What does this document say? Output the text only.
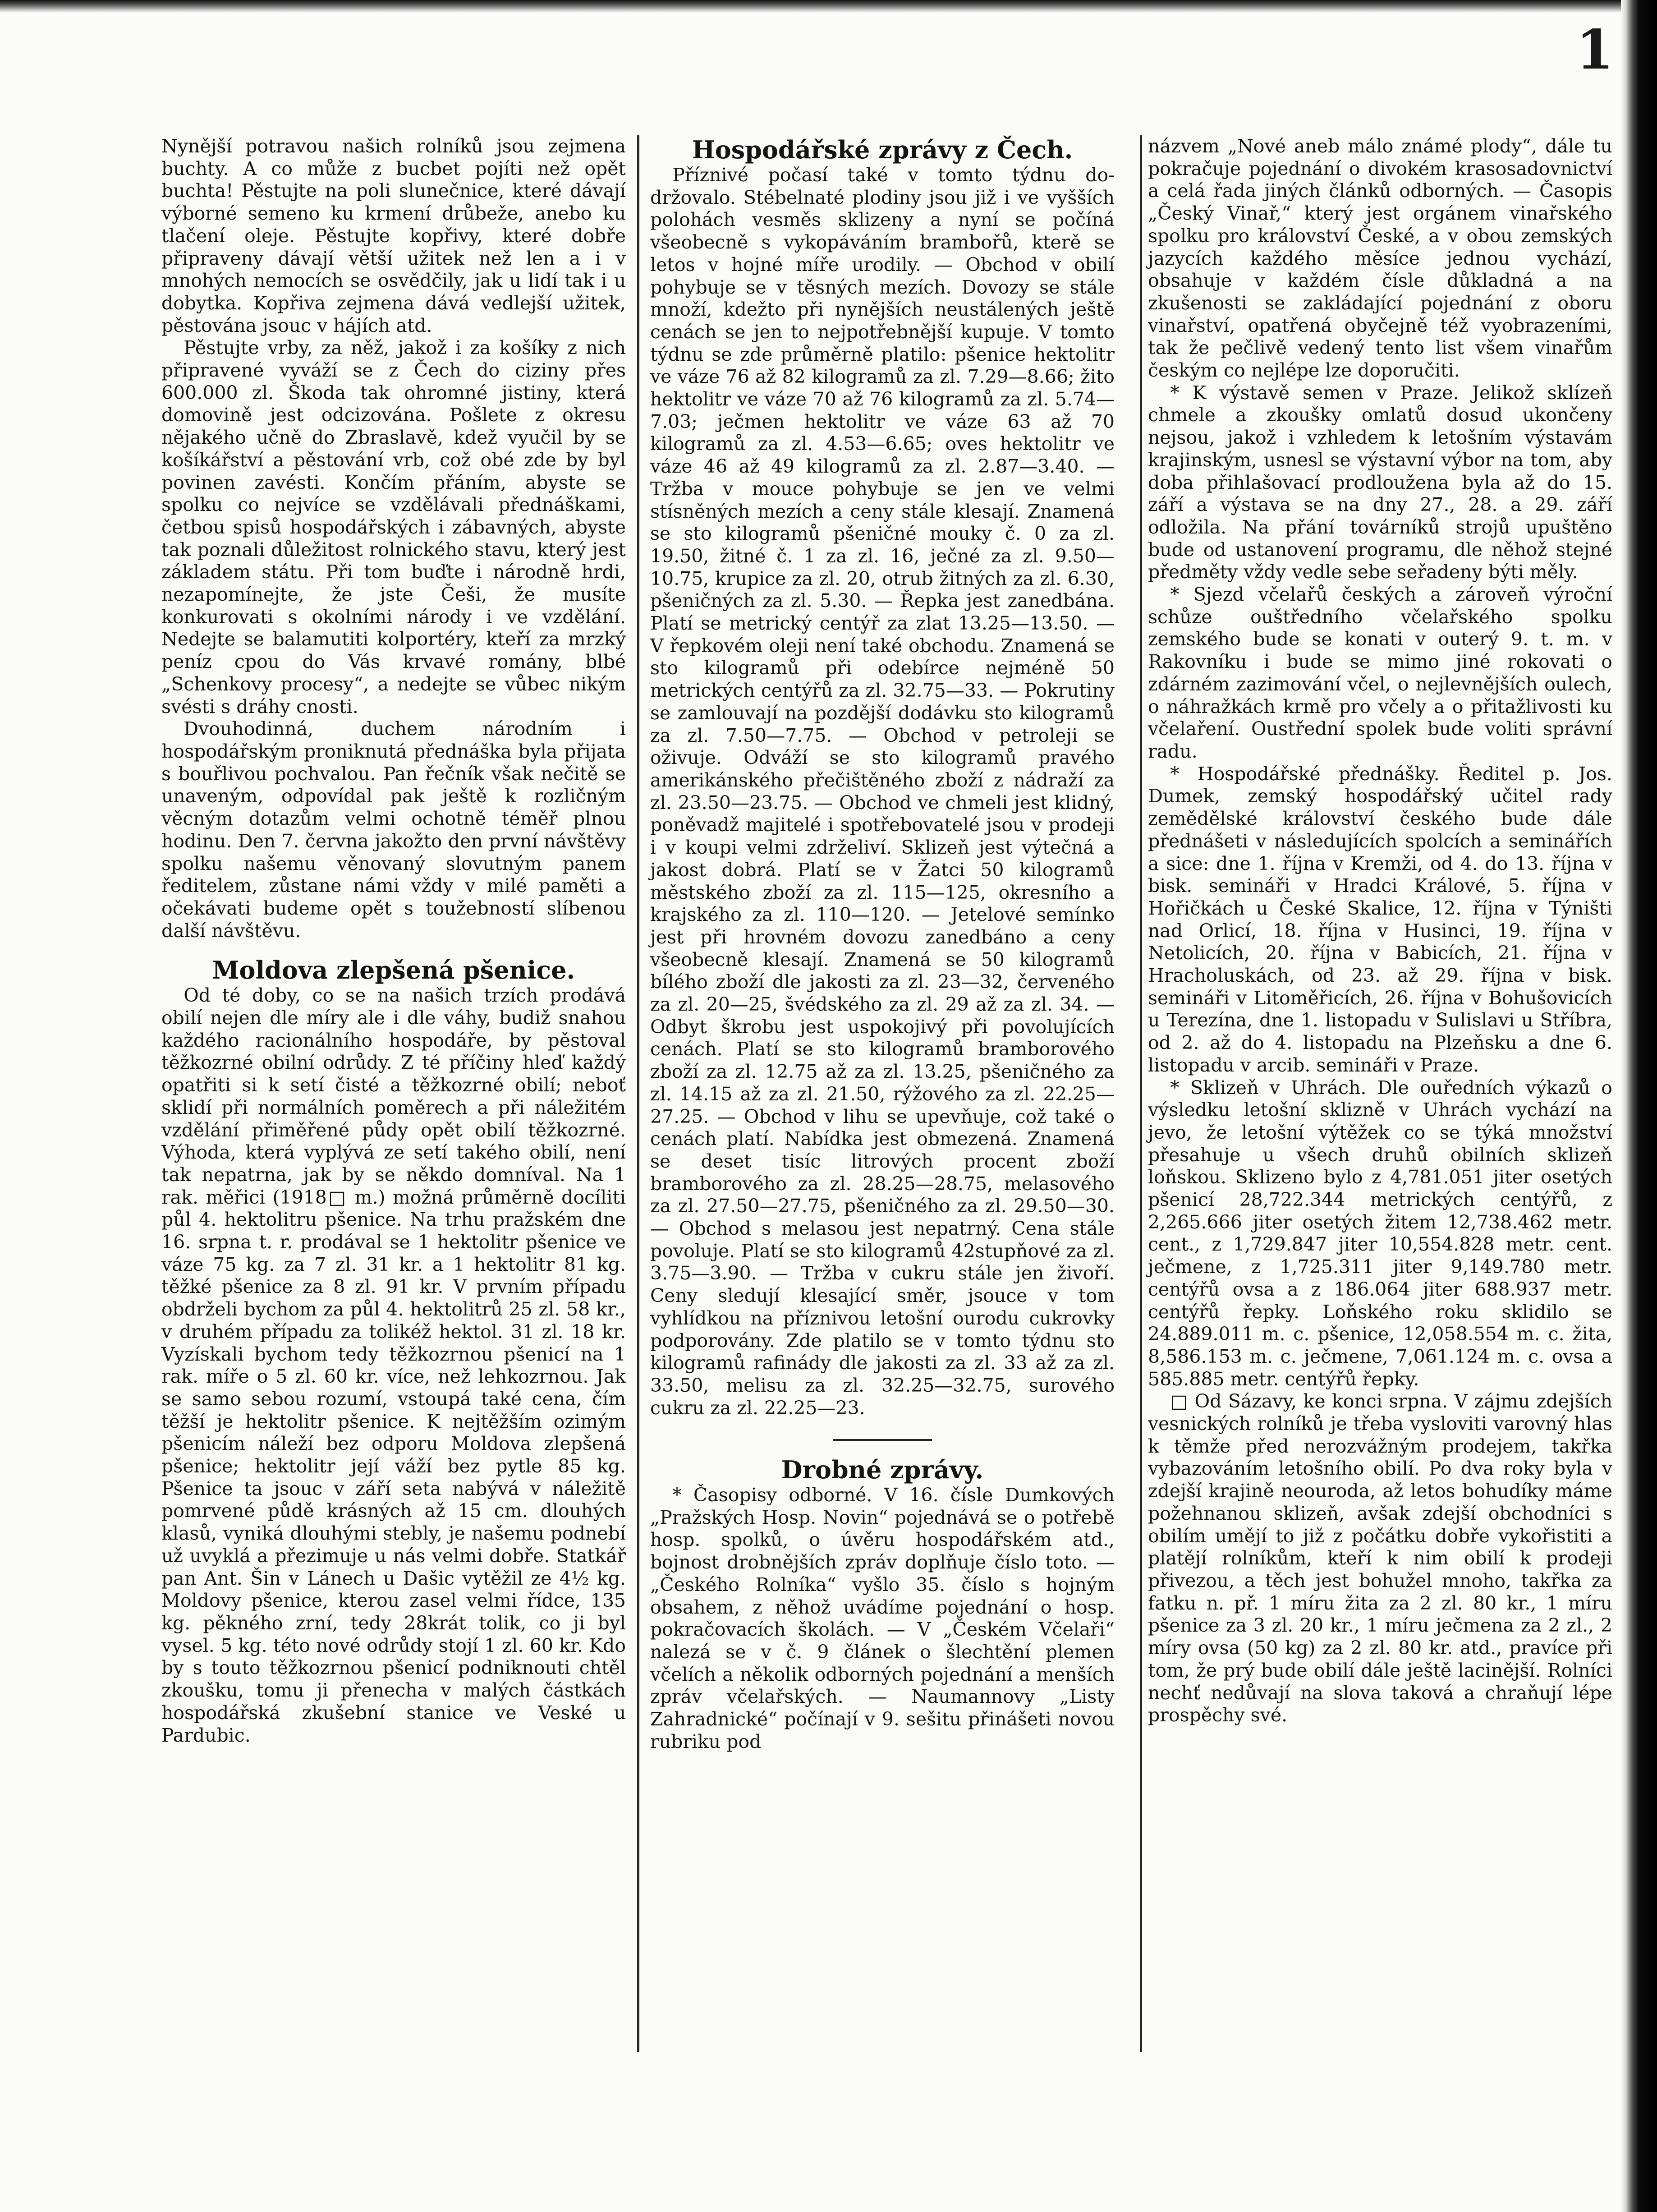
1

Nynější potravou našich rolníků jsou zejmena buchty. A co může z bucbet pojíti než opět buchta! Pěstujte na poli slunečnice, které dávají výborné semeno ku krmení drůbeže, anebo ku tlačení oleje. Pěstujte kopřivy, které dobře připraveny dávají větší užitek než len a i v mnohých nemocích se osvědčily, jak u lidí tak i u dobytka. Kopřiva zejmena dává vedlejší užitek, pěstována jsouc v hájích atd.

Pěstujte vrby, za něž, jakož i za košíky z nich připravené vyváží se z Čech do ciziny přes 600.000 zl. Škoda tak ohromné jistiny, která domovině jest odcizována. Pošlete z okresu nějakého učně do Zbraslavě, kdež vyučil by se košíkářství a pěstování vrb, což obé zde by byl povinen zavésti. Končím přáním, abyste se spolku co nejvíce se vzdělávali přednáškami, četbou spisů hospodářských i zábavných, abyste tak poznali důležitost rolnického stavu, který jest základem státu. Při tom buďte i národně hrdi, nezapomínejte, že jste Češi, že musíte konkurovati s okolními národy i ve vzdělání. Nedejte se balamutiti kolportéry, kteří za mrzký peníz cpou do Vás krvavé romány, blbé „Schenkovy procesy“, a nedejte se vůbec nikým svésti s dráhy cnosti.

Dvouhodinná, duchem národním i hospodářským proniknutá přednáška byla přijata s bouřlivou pochvalou. Pan řečník však nečitě se unaveným, odpovídal pak ještě k rozličným věcným dotazům velmi ochotně téměř plnou hodinu. Den 7. června jakožto den první návštěvy spolku našemu věnovaný slovutným panem ředitelem, zůstane námi vždy v milé paměti a očekávati budeme opět s toužebností slíbenou další návštěvu.

Moldova zlepšená pšenice.

Od té doby, co se na našich trzích prodává obilí nejen dle míry ale i dle váhy, budiž snahou každého racionálního hospodáře, by pěstoval těžkozrné obilní odrůdy. Z té příčiny hleď každý opatřiti si k setí čisté a těžkozrné obilí; neboť sklidí při normálních poměrech a při náležitém vzdělání přiměřené půdy opět obilí těžkozrné. Výhoda, která vyplývá ze setí takého obilí, není tak nepatrna, jak by se někdo domníval. Na 1 rak. měřici (1918□ m.) možná průměrně docíliti půl 4. hektolitru pšenice. Na trhu pražském dne 16. srpna t. r. prodával se 1 hektolitr pšenice ve váze 75 kg. za 7 zl. 31 kr. a 1 hektolitr 81 kg. těžké pšenice za 8 zl. 91 kr. V prvním případu obdrželi bychom za půl 4. hektolitrů 25 zl. 58 kr., v druhém případu za tolikéž hektol. 31 zl. 18 kr. Vyzískali bychom tedy těžkozrnou pšenicí na 1 rak. míře o 5 zl. 60 kr. více, než lehkozrnou. Jak se samo sebou rozumí, vstoupá také cena, čím těžší je hektolitr pšenice. K nejtěžším ozimým pšenicím náleží bez odporu Moldova zlepšená pšenice; hektolitr její váží bez pytle 85 kg. Pšenice ta jsouc v září seta nabývá v náležitě pomrvené půdě krásných až 15 cm. dlouhých klasů, vyniká dlouhými stebly, je našemu podnebí už uvyklá a přezimuje u nás velmi dobře. Statkář pan Ant. Šin v Lánech u Dašic vytěžil ze 4½ kg. Moldovy pšenice, kterou zasel velmi řídce, 135 kg. pěkného zrní, tedy 28krát tolik, co ji byl vysel. 5 kg. této nové odrůdy stojí 1 zl. 60 kr. Kdo by s touto těžkozrnou pšenicí podniknouti chtěl zkoušku, tomu ji přenecha v malých částkách hospodářská zkušební stanice ve Veské u Pardubic.

Hospodářské zprávy z Čech.

Příznivé počasí také v tomto týdnu do-držovalo. Stébelnaté plodiny jsou již i ve vyšších polohách vesměs sklizeny a nyní se počíná všeobecně s vykopáváním brambořů, kterě se letos v hojné míře urodily. — Obchod v obilí pohybuje se v těsných mezích. Dovozy se stále množí, kdežto při nynějších neustálených ještě cenách se jen to nejpotřebnější kupuje. V tomto týdnu se zde průměrně platilo: pšenice hektolitr ve váze 76 až 82 kilogramů za zl. 7.29—8.66; žito hektolitr ve váze 70 až 76 kilogramů za zl. 5.74—7.03; ječmen hektolitr ve váze 63 až 70 kilogramů za zl. 4.53—6.65; oves hektolitr ve váze 46 až 49 kilogramů za zl. 2.87—3.40. — Tržba v mouce pohybuje se jen ve velmi stísněných mezích a ceny stále klesají. Znamená se sto kilogramů pšeničné mouky č. 0 za zl. 19.50, žitné č. 1 za zl. 16, ječné za zl. 9.50—10.75, krupice za zl. 20, otrub žitných za zl. 6.30, pšeničných za zl. 5.30. — Řepka jest zanedbána. Platí se metrický centýř za zlat 13.25—13.50. — V řepkovém oleji není také obchodu. Znamená se sto kilogramů při odebírce nejméně 50 metrických centýřů za zl. 32.75—33. — Pokrutiny se zamlouvají na pozdější dodávku sto kilogramů za zl. 7.50—7.75. — Obchod v petroleji se oživuje. Odváží se sto kilogramů pravého amerikánského přečištěného zboží z nádraží za zl. 23.50—23.75. — Obchod ve chmeli jest klidný, poněvadž majitelé i spotřebovatelé jsou v prodeji i v koupi velmi zdrželiví. Sklizeň jest výtečná a jakost dobrá. Platí se v Žatci 50 kilogramů městského zboží za zl. 115—125, okresního a krajského za zl. 110—120. — Jetelové semínko jest při hrovném dovozu zanedbáno a ceny všeobecně klesají. Znamená se 50 kilogramů bílého zboží dle jakosti za zl. 23—32, červeného za zl. 20—25, švédského za zl. 29 až za zl. 34. — Odbyt škrobu jest uspokojivý při povolujících cenách. Platí se sto kilogramů bramborového zboží za zl. 12.75 až za zl. 13.25, pšeničného za zl. 14.15 až za zl. 21.50, rýžového za zl. 22.25—27.25. — Obchod v lihu se upevňuje, což také o cenách platí. Nabídka jest obmezená. Znamená se deset tisíc litrových procent zboží bramborového za zl. 28.25—28.75, melasového za zl. 27.50—27.75, pšeničného za zl. 29.50—30. — Obchod s melasou jest nepatrný. Cena stále povoluje. Platí se sto kilogramů 42stupňové za zl. 3.75—3.90. — Tržba v cukru stále jen živoří. Ceny sledují klesající směr, jsouce v tom vyhlídkou na příznivou letošní ourodu cukrovky podporovány. Zde platilo se v tomto týdnu sto kilogramů rafinády dle jakosti za zl. 33 až za zl. 33.50, melisu za zl. 32.25—32.75, surového cukru za zl. 22.25—23.

Drobné zprávy.

* Časopisy odborné. V 16. čísle Dumkových „Pražských Hosp. Novin“ pojednává se o potřebě hosp. spolků, o úvěru hospodářském atd., bojnost drobnějších zpráv doplňuje číslo toto. — „Českého Rolníka“ vyšlo 35. číslo s hojným obsahem, z něhož uvádíme pojednání o hosp. pokračovacích školách. — V „Českém Včelaři“ nalezá se v č. 9 článek o šlechtění plemen včelích a několik odborných pojednání a menších zpráv včelařských. — Naumannovy „Listy Zahradnické“ počínají v 9. sešitu přinášeti novou rubriku pod

názvem „Nové aneb málo známé plody“, dále tu pokračuje pojednání o divokém krasosadovnictví a celá řada jiných článků odborných. — Časopis „Český Vinař,“ který jest orgánem vinařského spolku pro království České, a v obou zemských jazycích každého měsíce jednou vychází, obsahuje v každém čísle důkladná a na zkušenosti se zakládající pojednání z oboru vinařství, opatřená obyčejně též vyobrazeními, tak že pečlivě vedený tento list všem vinařům českým co nejlépe lze doporučiti.

* K výstavě semen v Praze. Jelikož sklízeň chmele a zkoušky omlatů dosud ukončeny nejsou, jakož i vzhledem k letošním výstavám krajinským, usnesl se výstavní výbor na tom, aby doba přihlašovací prodloužena byla až do 15. září a výstava se na dny 27., 28. a 29. září odložila. Na přání továrníků strojů upuštěno bude od ustanovení programu, dle něhož stejné předměty vždy vedle sebe seřadeny býti měly.

* Sjezd včelařů českých a zároveň výroční schůze ouštředního včelařského spolku zemského bude se konati v outerý 9. t. m. v Rakovníku i bude se mimo jiné rokovati o zdárném zazimování včel, o nejlevnějších oulech, o náhražkách krmě pro včely a o přitažlivosti ku včelaření. Oustřední spolek bude voliti správní radu.

* Hospodářské přednášky. Ředitel p. Jos. Dumek, zemský hospodářský učitel rady zemědělské království českého bude dále přednášeti v následujících spolcích a seminářích a sice: dne 1. října v Kremži, od 4. do 13. října v bisk. semináři v Hradci Králové, 5. října v Hořičkách u České Skalice, 12. října v Týništi nad Orlicí, 18. října v Husinci, 19. října v Netolicích, 20. října v Babicích, 21. října v Hracholuskách, od 23. až 29. října v bisk. semináři v Litoměřicích, 26. října v Bohušovicích u Terezína, dne 1. listopadu v Sulislavi u Stříbra, od 2. až do 4. listopadu na Plzeňsku a dne 6. listopadu v arcib. semináři v Praze.

* Sklizeň v Uhrách. Dle ouředních výkazů o výsledku letošní sklizně v Uhrách vychází na jevo, že letošní výtěžek co se týká množství přesahuje u všech druhů obilních sklizeň loňskou. Sklizeno bylo z 4,781.051 jiter osetých pšenicí 28,722.344 metrických centýřů, z 2,265.666 jiter osetých žitem 12,738.462 metr. cent., z 1,729.847 jiter 10,554.828 metr. cent. ječmene, z 1,725.311 jiter 9,149.780 metr. centýřů ovsa a z 186.064 jiter 688.937 metr. centýřů řepky. Loňského roku sklidilo se 24.889.011 m. c. pšenice, 12,058.554 m. c. žita, 8,586.153 m. c. ječmene, 7,061.124 m. c. ovsa a 585.885 metr. centýřů řepky.

□ Od Sázavy, ke konci srpna. V zájmu zdejších vesnických rolníků je třeba vysloviti varovný hlas k těmže před nerozvážným prodejem, takřka vybazováním letošního obilí. Po dva roky byla v zdejší krajině neouroda, až letos bohudíky máme požehnanou sklizeň, avšak zdejší obchodníci s obilím umějí to již z počátku dobře vykořistiti a platějí rolníkům, kteří k nim obilí k prodeji přivezou, a těch jest bohužel mnoho, takřka za fatku n. př. 1 míru žita za 2 zl. 80 kr., 1 míru pšenice za 3 zl. 20 kr., 1 míru ječmena za 2 zl., 2 míry ovsa (50 kg) za 2 zl. 80 kr. atd., pravíce při tom, že prý bude obilí dále ještě lacinější. Rolníci nechť nedůvají na slova taková a chraňují lépe prospěchy své.
